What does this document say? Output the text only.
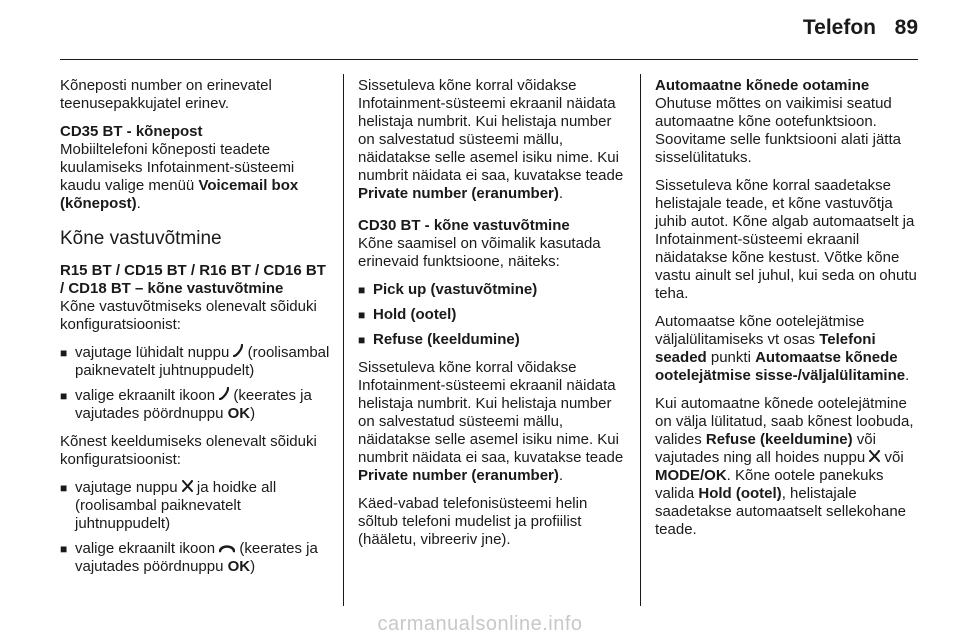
Telefon 89

Kõneposti number on erinevatel teenusepakkujatel erinev.

CD35 BT - kõnepost

Mobiiltelefoni kõneposti teadete kuulamiseks Infotainment-süsteemi kaudu valige menüü Voicemail box (kõnepost).

Kõne vastuvõtmine
R15 BT / CD15 BT / R16 BT / CD16 BT / CD18 BT – kõne vastuvõtmine

Kõne vastuvõtmiseks olenevalt sõiduki konfiguratsioonist:

■ vajutage lühidalt nuppu  (roolisambal paiknevatelt juhtnuppudelt)
■ valige ekraanilt ikoon  (keerates ja vajutades pöördnuppu OK)

Kõnest keeldumiseks olenevalt sõiduki konfiguratsioonist:

■ vajutage nuppu  ja hoidke all (roolisambal paiknevatelt juhtnuppudelt)
■ valige ekraanilt ikoon  (keerates ja vajutades pöördnuppu OK)

Sissetuleva kõne korral võidakse Infotainment-süsteemi ekraanil näidata helistaja numbrit. Kui helistaja number on salvestatud süsteemi mällu, näidatakse selle asemel isiku nime. Kui numbrit näidata ei saa, kuvatakse teade Private number (eranumber).

CD30 BT - kõne vastuvõtmine

Kõne saamisel on võimalik kasutada erinevaid funktsioone, näiteks:

■ Pick up (vastuvõtmine)
■ Hold (ootel)
■ Refuse (keeldumine)

Sissetuleva kõne korral võidakse Infotainment-süsteemi ekraanil näidata helistaja numbrit. Kui helistaja number on salvestatud süsteemi mällu, näidatakse selle asemel isiku nime. Kui numbrit näidata ei saa, kuvatakse teade Private number (eranumber).

Käed-vabad telefonisüsteemi helin sõltub telefoni mudelist ja profiilist (hääletu, vibreeriv jne).

Automaatne kõnede ootamine

Ohutuse mõttes on vaikimisi seatud automaatne kõne ootefunktsioon. Soovitame selle funktsiooni alati jätta sisselülitatuks.

Sissetuleva kõne korral saadetakse helistajale teade, et kõne vastuvõtja juhib autot. Kõne algab automaatselt ja Infotainment-süsteemi ekraanil näidatakse kõne kestust. Võtke kõne vastu ainult sel juhul, kui seda on ohutu teha.

Automaatse kõne ootelejätmise väljalülitamiseks vt osas Telefoni seaded punkti Automaatse kõnede ootelejätmise sisse-/väljalülitamine.

Kui automaatne kõnede ootelejätmine on välja lülitatud, saab kõnest loobuda, valides Refuse (keeldumine) või vajutades ning all hoides nuppu  või MODE/OK. Kõne ootele panekuks valida Hold (ootel), helistajale saadetakse automaatselt sellekohane teade.

carmanualsonline.info
